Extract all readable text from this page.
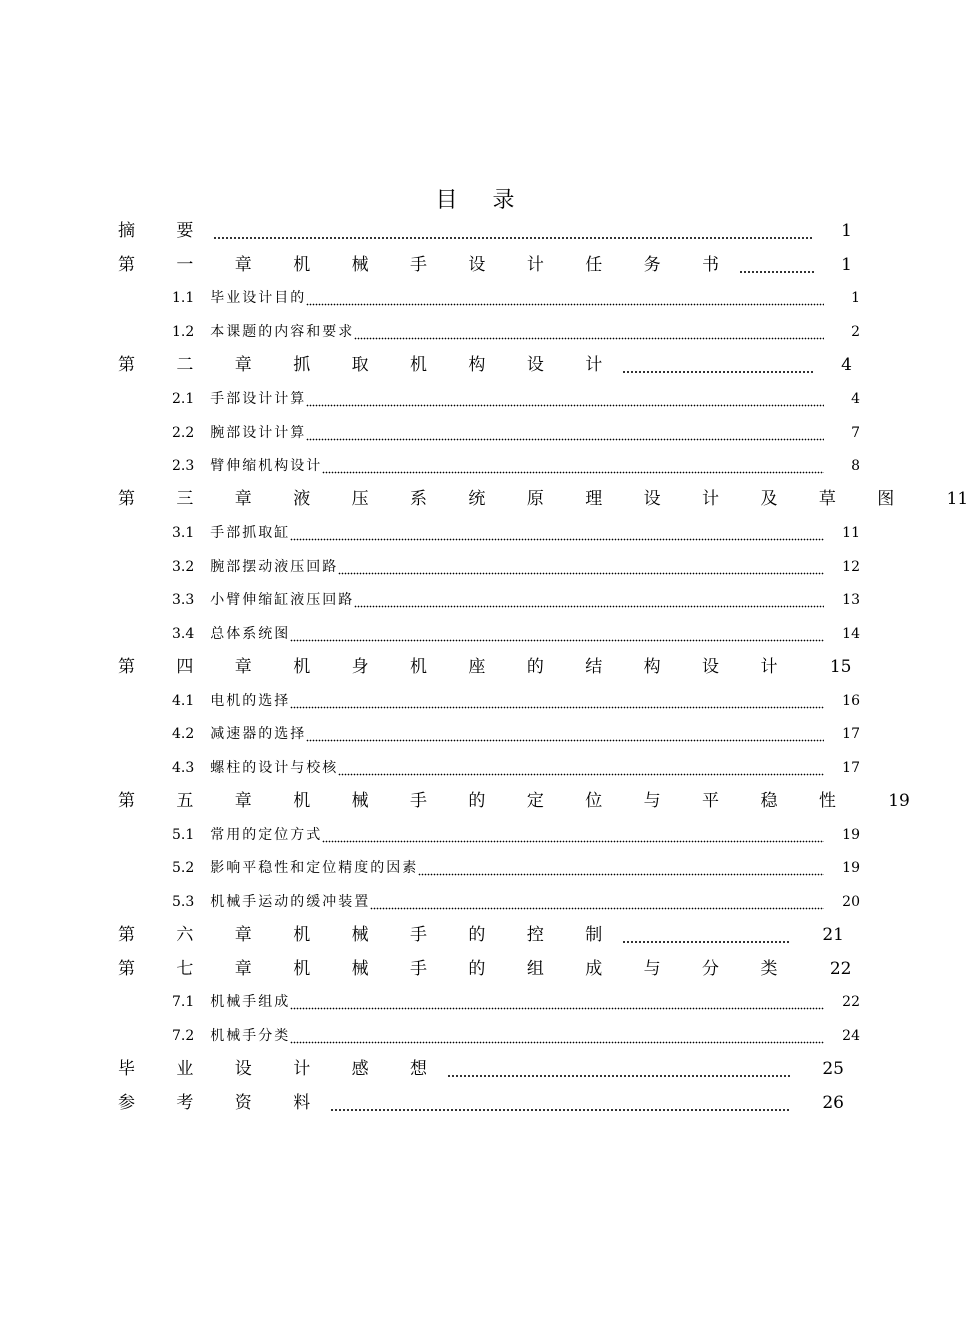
目 录
摘 要	1
第 一 章 机 械 手 设 计 任 务 书	1
1.1 毕业设计目的	1
1.2 本课题的内容和要求	2
第 二 章 抓 取 机 构 设 计	4
2.1 手部设计计算	4
2.2 腕部设计计算	7
2.3 臂伸缩机构设计	8
第 三 章 液 压 系 统 原 理 设 计 及 草 图	11
3.1 手部抓取缸	11
3.2 腕部摆动液压回路	12
3.3 小臂伸缩缸液压回路	13
3.4 总体系统图	14
第 四 章 机 身 机 座 的 结 构 设 计	15
4.1 电机的选择	16
4.2 减速器的选择	17
4.3 螺柱的设计与校核	17
第 五 章 机 械 手 的 定 位 与 平 稳 性	19
5.1 常用的定位方式	19
5.2 影响平稳性和定位精度的因素	19
5.3 机械手运动的缓冲装置	20
第 六 章 机 械 手 的 控 制	21
第 七 章 机 械 手 的 组 成 与 分 类	22
7.1 机械手组成	22
7.2 机械手分类	24
毕 业 设 计 感 想	25
参 考 资 料	26
